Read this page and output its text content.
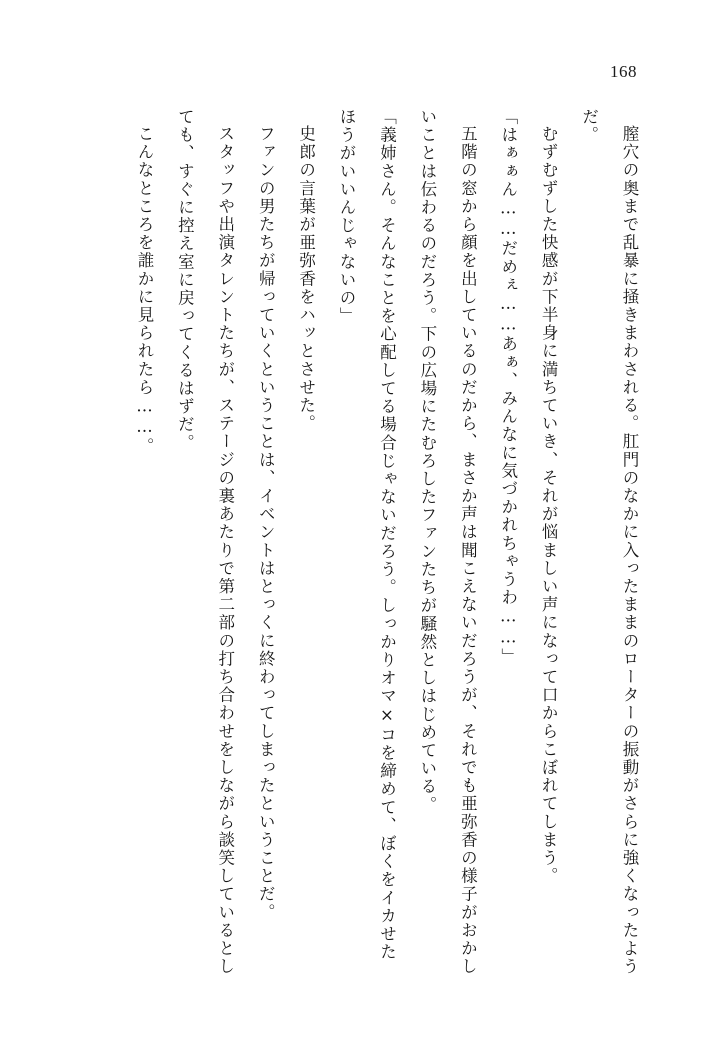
168

膣穴の奥まで乱暴に掻きまわされる。肛門のなかに入ったままのローターの振動がさらに強くなったようだ。

むずむずした快感が下半身に満ちていき、それが悩ましい声になって口からこぼれてしまう。

「はぁぁん……だめぇ……あぁ、みんなに気づかれちゃうわ……」

五階の窓から顔を出しているのだから、まさか声は聞こえないだろうが、それでも亜弥香の様子がおかしいことは伝わるのだろう。下の広場にたむろしたファンたちが騒然としはじめている。

「義姉さん。そんなことを心配してる場合じゃないだろう。しっかりオマ×コを締めて、ぼくをイカせたほうがいいんじゃないの」

史郎の言葉が亜弥香をハッとさせた。

ファンの男たちが帰っていくということは、イベントはとっくに終わってしまったということだ。

スタッフや出演タレントたちが、ステージの裏あたりで第二部の打ち合わせをしながら談笑しているとしても、すぐに控え室に戻ってくるはずだ。

こんなところを誰かに見られたら……。
